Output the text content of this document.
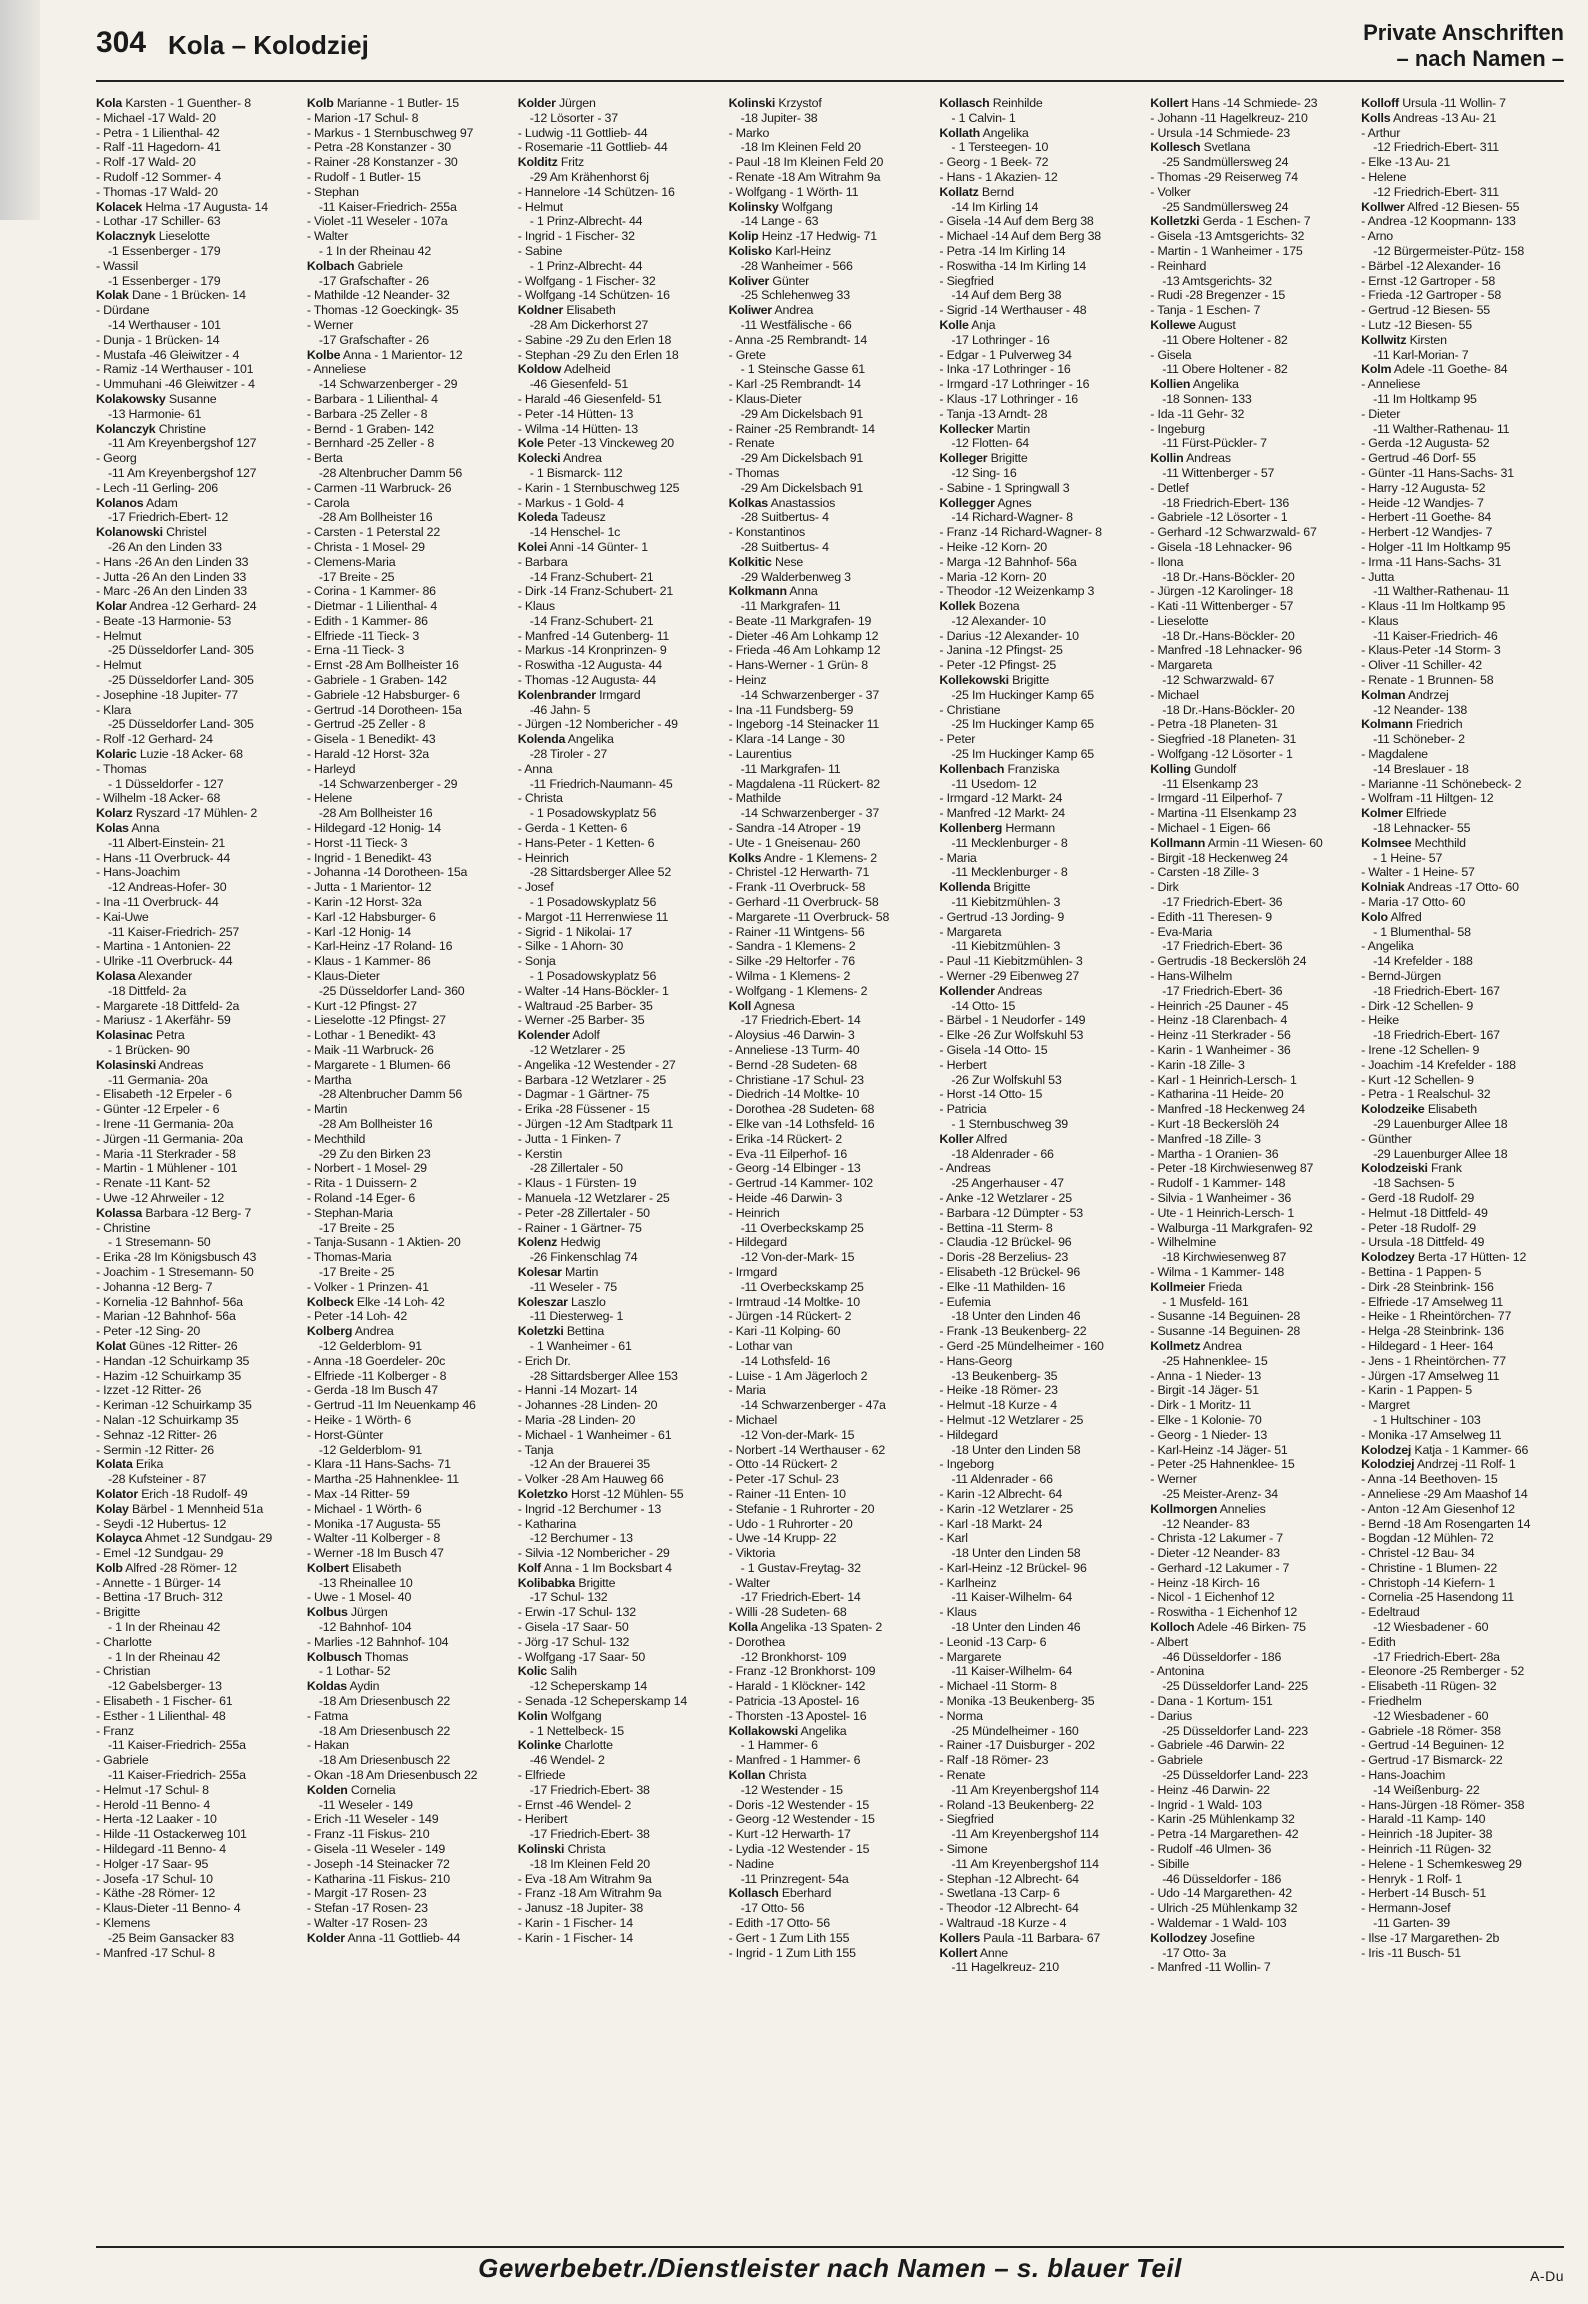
304 Kola – Kolodziej	Private Anschriften
– nach Namen –
Kola Karsten - 1 Guenther- 8
- Michael -17 Wald- 20
- Petra - 1 Lilienthal- 42
- Ralf -11 Hagedorn- 41
- Rolf -17 Wald- 20
- Rudolf -12 Sommer- 4
- Thomas -17 Wald- 20
Kolacek Helma -17 Augusta- 14
- Lothar -17 Schiller- 63
Kolacznyk Lieselotte
-1 Essenberger - 179
- Wassil
-1 Essenberger - 179
Kolak Dane - 1 Brücken- 14
- Dürdane
-14 Werthauser - 101
- Dunja - 1 Brücken- 14
- Mustafa -46 Gleiwitzer - 4
- Ramiz -14 Werthauser - 101
- Ummuhani -46 Gleiwitzer - 4
Kolakowsky Susanne
-13 Harmonie- 61
Kolanczyk Christine
-11 Am Kreyenbergshof 127
- Georg
-11 Am Kreyenbergshof 127
- Lech -11 Gerling- 206
Kolanos Adam
-17 Friedrich-Ebert- 12
Kolanowski Christel
-26 An den Linden 33
- Hans -26 An den Linden 33
- Jutta -26 An den Linden 33
- Marc -26 An den Linden 33
Kolar Andrea -12 Gerhard- 24
- Beate -13 Harmonie- 53
- Helmut
-25 Düsseldorfer Land- 305
- Helmut
-25 Düsseldorfer Land- 305
- Josephine -18 Jupiter- 77
- Klara
-25 Düsseldorfer Land- 305
- Rolf -12 Gerhard- 24
Kolaric Luzie -18 Acker- 68
- Thomas
- 1 Düsseldorfer - 127
- Wilhelm -18 Acker- 68
Kolarz Ryszard -17 Mühlen- 2
Kolas Anna
-11 Albert-Einstein- 21
- Hans -11 Overbruck- 44
- Hans-Joachim
-12 Andreas-Hofer- 30
- Ina -11 Overbruck- 44
- Kai-Uwe
-11 Kaiser-Friedrich- 257
- Martina - 1 Antonien- 22
- Ulrike -11 Overbruck- 44
Kolasa Alexander
-18 Dittfeld- 2a
- Margarete -18 Dittfeld- 2a
- Mariusz - 1 Akerfähr- 59
Kolasinac Petra
- 1 Brücken- 90
Kolasinski Andreas
-11 Germania- 20a
- Elisabeth -12 Erpeler - 6
- Günter -12 Erpeler - 6
- Irene -11 Germania- 20a
- Jürgen -11 Germania- 20a
- Maria -11 Sterkrader - 58
- Martin - 1 Mühlener - 101
- Renate -11 Kant- 52
- Uwe -12 Ahrweiler - 12
Kolassa Barbara -12 Berg- 7
- Christine
- 1 Stresemann- 50
- Erika -28 Im Königsbusch 43
- Joachim - 1 Stresemann- 50
- Johanna -12 Berg- 7
- Kornelia -12 Bahnhof- 56a
- Marian -12 Bahnhof- 56a
- Peter -12 Sing- 20
Kolat Günes -12 Ritter- 26
- Handan -12 Schuirkamp 35
- Hazim -12 Schuirkamp 35
- Izzet -12 Ritter- 26
- Keriman -12 Schuirkamp 35
- Nalan -12 Schuirkamp 35
- Sehnaz -12 Ritter- 26
- Sermin -12 Ritter- 26
Kolata Erika
-28 Kufsteiner - 87
Kolator Erich -18 Rudolf- 49
Kolay Bärbel - 1 Mennheid 51a
- Seydi -12 Hubertus- 12
Kolayca Ahmet -12 Sundgau- 29
- Emel -12 Sundgau- 29
Kolb Alfred -28 Römer- 12
- Annette - 1 Bürger- 14
- Bettina -17 Bruch- 312
- Brigitte
- 1 In der Rheinau 42
- Charlotte
- 1 In der Rheinau 42
- Christian
-12 Gabelsberger- 13
- Elisabeth - 1 Fischer- 61
- Esther - 1 Lilienthal- 48
- Franz
-11 Kaiser-Friedrich- 255a
- Gabriele
-11 Kaiser-Friedrich- 255a
- Helmut -17 Schul- 8
- Herold -11 Benno- 4
- Herta -12 Laaker - 10
- Hilde -11 Ostackerweg 101
- Hildegard -11 Benno- 4
- Holger -17 Saar- 95
- Josefa -17 Schul- 10
- Käthe -28 Römer- 12
- Klaus-Dieter -11 Benno- 4
- Klemens
-25 Beim Gansacker 83
- Manfred -17 Schul- 8
Kolb Marianne - 1 Butler- 15
- Marion -17 Schul- 8
- Markus - 1 Sternbuschweg 97
- Petra -28 Konstanzer - 30
- Rainer -28 Konstanzer - 30
- Rudolf - 1 Butler- 15
- Stephan
-11 Kaiser-Friedrich- 255a
- Violet -11 Weseler - 107a
- Walter
- 1 In der Rheinau 42
Kolbach Gabriele
-17 Grafschafter - 26
- Mathilde -12 Neander- 32
- Thomas -12 Goeckingk- 35
- Werner
-17 Grafschafter - 26
Kolbe Anna - 1 Marientor- 12
- Anneliese
-14 Schwarzenberger - 29
- Barbara - 1 Lilienthal- 4
- Barbara -25 Zeller - 8
- Bernd - 1 Graben- 142
- Bernhard -25 Zeller - 8
- Berta
-28 Altenbrucher Damm 56
- Carmen -11 Warbruck- 26
- Carola
-28 Am Bollheister 16
- Carsten - 1 Peterstal 22
- Christa - 1 Mosel- 29
- Clemens-Maria
-17 Breite - 25
- Corina - 1 Kammer- 86
- Dietmar - 1 Lilienthal- 4
- Edith - 1 Kammer- 86
- Elfriede -11 Tieck- 3
- Erna -11 Tieck- 3
- Ernst -28 Am Bollheister 16
- Gabriele - 1 Graben- 142
- Gabriele -12 Habsburger- 6
- Gertrud -14 Dorotheen- 15a
- Gertrud -25 Zeller - 8
- Gisela - 1 Benedikt- 43
- Harald -12 Horst- 32a
- Harleyd
-14 Schwarzenberger - 29
- Helene
-28 Am Bollheister 16
- Hildegard -12 Honig- 14
- Horst -11 Tieck- 3
- Ingrid - 1 Benedikt- 43
- Johanna -14 Dorotheen- 15a
- Jutta - 1 Marientor- 12
- Karin -12 Horst- 32a
- Karl -12 Habsburger- 6
- Karl -12 Honig- 14
- Karl-Heinz -17 Roland- 16
- Klaus - 1 Kammer- 86
- Klaus-Dieter
-25 Düsseldorfer Land- 360
- Kurt -12 Pfingst- 27
- Lieselotte -12 Pfingst- 27
- Lothar - 1 Benedikt- 43
- Maik -11 Warbruck- 26
- Margarete - 1 Blumen- 66
- Martha
-28 Altenbrucher Damm 56
- Martin
-28 Am Bollheister 16
- Mechthild
-29 Zu den Birken 23
- Norbert - 1 Mosel- 29
- Rita - 1 Duissern- 2
- Roland -14 Eger- 6
- Stephan-Maria
-17 Breite - 25
- Tanja-Susann - 1 Aktien- 20
- Thomas-Maria
-17 Breite - 25
- Volker - 1 Prinzen- 41
Kolbeck Elke -14 Loh- 42
- Peter -14 Loh- 42
Kolberg Andrea
-12 Gelderblom- 91
- Anna -18 Goerdeler- 20c
- Elfriede -11 Kolberger - 8
- Gerda -18 Im Busch 47
- Gertrud -11 Im Neuenkamp 46
- Heike - 1 Wörth- 6
- Horst-Günter
-12 Gelderblom- 91
- Klara -11 Hans-Sachs- 71
- Martha -25 Hahnenklee- 11
- Max -14 Ritter- 59
- Michael - 1 Wörth- 6
- Monika -17 Augusta- 55
- Walter -11 Kolberger - 8
- Werner -18 Im Busch 47
Kolbert Elisabeth
-13 Rheinallee 10
- Uwe - 1 Mosel- 40
Kolbus Jürgen
-12 Bahnhof- 104
- Marlies -12 Bahnhof- 104
Kolbusch Thomas
- 1 Lothar- 52
Koldas Aydin
-18 Am Driesenbusch 22
- Fatma
-18 Am Driesenbusch 22
- Hakan
-18 Am Driesenbusch 22
- Okan -18 Am Driesenbusch 22
Kolden Cornelia
-11 Weseler - 149
- Erich -11 Weseler - 149
- Franz -11 Fiskus- 210
- Gisela -11 Weseler - 149
- Joseph -14 Steinacker 72
- Katharina -11 Fiskus- 210
- Margit -17 Rosen- 23
- Stefan -17 Rosen- 23
- Walter -17 Rosen- 23
Kolder Anna -11 Gottlieb- 44
Kolder Jürgen
-12 Lösorter - 37
- Ludwig -11 Gottlieb- 44
- Rosemarie -11 Gottlieb- 44
Kolditz Fritz
-29 Am Krähenhorst 6j
- Hannelore -14 Schützen- 16
- Helmut
- 1 Prinz-Albrecht- 44
- Ingrid - 1 Fischer- 32
- Sabine
- 1 Prinz-Albrecht- 44
- Wolfgang - 1 Fischer- 32
- Wolfgang -14 Schützen- 16
Koldner Elisabeth
-28 Am Dickerhorst 27
- Sabine -29 Zu den Erlen 18
- Stephan -29 Zu den Erlen 18
Koldow Adelheid
-46 Giesenfeld- 51
- Harald -46 Giesenfeld- 51
- Peter -14 Hütten- 13
- Wilma -14 Hütten- 13
Kole Peter -13 Vinckeweg 20
Kolecki Andrea
- 1 Bismarck- 112
- Karin - 1 Sternbuschweg 125
- Markus - 1 Gold- 4
Koleda Tadeusz
-14 Henschel- 1c
Kolei Anni -14 Günter- 1
- Barbara
-14 Franz-Schubert- 21
- Dirk -14 Franz-Schubert- 21
- Klaus
-14 Franz-Schubert- 21
- Manfred -14 Gutenberg- 11
- Markus -14 Kronprinzen- 9
- Roswitha -12 Augusta- 44
- Thomas -12 Augusta- 44
Kolenbrander Irmgard
-46 Jahn- 5
- Jürgen -12 Nombericher - 49
Kolenda Angelika
-28 Tiroler - 27
- Anna
-11 Friedrich-Naumann- 45
- Christa
- 1 Posadowskyplatz 56
- Gerda - 1 Ketten- 6
- Hans-Peter - 1 Ketten- 6
- Heinrich
-28 Sittardsberger Allee 52
- Josef
- 1 Posadowskyplatz 56
- Margot -11 Herrenwiese 11
- Sigrid - 1 Nikolai- 17
- Silke - 1 Ahorn- 30
- Sonja
- 1 Posadowskyplatz 56
- Walter -14 Hans-Böckler- 1
- Waltraud -25 Barber- 35
- Werner -25 Barber- 35
Kolender Adolf
-12 Wetzlarer - 25
- Angelika -12 Westender - 27
- Barbara -12 Wetzlarer - 25
- Dagmar - 1 Gärtner- 75
- Erika -28 Füssener - 15
- Jürgen -12 Am Stadtpark 11
- Jutta - 1 Finken- 7
- Kerstin
-28 Zillertaler - 50
- Klaus - 1 Fürsten- 19
- Manuela -12 Wetzlarer - 25
- Peter -28 Zillertaler - 50
- Rainer - 1 Gärtner- 75
Kolenz Hedwig
-26 Finkenschlag 74
Kolesar Martin
-11 Weseler - 75
Koleszar Laszlo
-11 Diesterweg- 1
Koletzki Bettina
- 1 Wanheimer - 61
- Erich Dr.
-28 Sittardsberger Allee 153
- Hanni -14 Mozart- 14
- Johannes -28 Linden- 20
- Maria -28 Linden- 20
- Michael - 1 Wanheimer - 61
- Tanja
-12 An der Brauerei 35
- Volker -28 Am Hauweg 66
Koletzko Horst -12 Mühlen- 55
- Ingrid -12 Berchumer - 13
- Katharina
-12 Berchumer - 13
- Silvia -12 Nombericher - 29
Kolf Anna - 1 Im Bocksbart 4
Kolibabka Brigitte
-17 Schul- 132
- Erwin -17 Schul- 132
- Gisela -17 Saar- 50
- Jörg -17 Schul- 132
- Wolfgang -17 Saar- 50
Kolic Salih
-12 Scheperskamp 14
- Senada -12 Scheperskamp 14
Kolin Wolfgang
- 1 Nettelbeck- 15
Kolinke Charlotte
-46 Wendel- 2
- Elfriede
-17 Friedrich-Ebert- 38
- Ernst -46 Wendel- 2
- Heribert
-17 Friedrich-Ebert- 38
Kolinski Christa
-18 Im Kleinen Feld 20
- Eva -18 Am Witrahm 9a
- Franz -18 Am Witrahm 9a
- Janusz -18 Jupiter- 38
- Karin - 1 Fischer- 14
- Karin - 1 Fischer- 14
Kolinski Krzystof
-18 Jupiter- 38
- Marko
-18 Im Kleinen Feld 20
- Paul -18 Im Kleinen Feld 20
- Renate -18 Am Witrahm 9a
- Wolfgang - 1 Wörth- 11
Kolinsky Wolfgang
-14 Lange - 63
Kolip Heinz -17 Hedwig- 71
Kolisko Karl-Heinz
-28 Wanheimer - 566
Koliver Günter
-25 Schlehenweg 33
Koliwer Andrea
-11 Westfälische - 66
- Anna -25 Rembrandt- 14
- Grete
- 1 Steinsche Gasse 61
- Karl -25 Rembrandt- 14
- Klaus-Dieter
-29 Am Dickelsbach 91
- Rainer -25 Rembrandt- 14
- Renate
-29 Am Dickelsbach 91
- Thomas
-29 Am Dickelsbach 91
Kolkas Anastassios
-28 Suitbertus- 4
- Konstantinos
-28 Suitbertus- 4
Kolkitic Nese
-29 Walderbenweg 3
Kolkmann Anna
-11 Markgrafen- 11
- Beate -11 Markgrafen- 19
- Dieter -46 Am Lohkamp 12
- Frieda -46 Am Lohkamp 12
- Hans-Werner - 1 Grün- 8
- Heinz
-14 Schwarzenberger - 37
- Ina -11 Fundsberg- 59
- Ingeborg -14 Steinacker 11
- Klara -14 Lange - 30
- Laurentius
-11 Markgrafen- 11
- Magdalena -11 Rückert- 82
- Mathilde
-14 Schwarzenberger - 37
- Sandra -14 Atroper - 19
- Ute - 1 Gneisenau- 260
Kolks Andre - 1 Klemens- 2
- Christel -12 Herwarth- 71
- Frank -11 Overbruck- 58
- Gerhard -11 Overbruck- 58
- Margarete -11 Overbruck- 58
- Rainer -11 Wintgens- 56
- Sandra - 1 Klemens- 2
- Silke -29 Heltorfer - 76
- Wilma - 1 Klemens- 2
- Wolfgang - 1 Klemens- 2
Koll Agnesa
-17 Friedrich-Ebert- 14
- Aloysius -46 Darwin- 3
- Anneliese -13 Turm- 40
- Bernd -28 Sudeten- 68
- Christiane -17 Schul- 23
- Diedrich -14 Moltke- 10
- Dorothea -28 Sudeten- 68
- Elke van -14 Lothsfeld- 16
- Erika -14 Rückert- 2
- Eva -11 Eilperhof- 16
- Georg -14 Elbinger - 13
- Gertrud -14 Kammer- 102
- Heide -46 Darwin- 3
- Heinrich
-11 Overbeckskamp 25
- Hildegard
-12 Von-der-Mark- 15
- Irmgard
-11 Overbeckskamp 25
- Irmtraud -14 Moltke- 10
- Jürgen -14 Rückert- 2
- Kari -11 Kolping- 60
- Lothar van
-14 Lothsfeld- 16
- Luise - 1 Am Jägerloch 2
- Maria
-14 Schwarzenberger - 47a
- Michael
-12 Von-der-Mark- 15
- Norbert -14 Werthauser - 62
- Otto -14 Rückert- 2
- Peter -17 Schul- 23
- Rainer -11 Enten- 10
- Stefanie - 1 Ruhrorter - 20
- Udo - 1 Ruhrorter - 20
- Uwe -14 Krupp- 22
- Viktoria
- 1 Gustav-Freytag- 32
- Walter
-17 Friedrich-Ebert- 14
- Willi -28 Sudeten- 68
Kolla Angelika -13 Spaten- 2
- Dorothea
-12 Bronkhorst- 109
- Franz -12 Bronkhorst- 109
- Harald - 1 Klöckner- 142
- Patricia -13 Apostel- 16
- Thorsten -13 Apostel- 16
Kollakowski Angelika
- 1 Hammer- 6
- Manfred - 1 Hammer- 6
Kollan Christa
-12 Westender - 15
- Doris -12 Westender - 15
- Georg -12 Westender - 15
- Kurt -12 Herwarth- 17
- Lydia -12 Westender - 15
- Nadine
-11 Prinzregent- 54a
Kollasch Eberhard
-17 Otto- 56
- Edith -17 Otto- 56
- Gert - 1 Zum Lith 155
- Ingrid - 1 Zum Lith 155
Kollasch Reinhilde
- 1 Calvin- 1
Kollath Angelika
- 1 Tersteegen- 10
- Georg - 1 Beek- 72
- Hans - 1 Akazien- 12
Kollatz Bernd
-14 Im Kirling 14
- Gisela -14 Auf dem Berg 38
- Michael -14 Auf dem Berg 38
- Petra -14 Im Kirling 14
- Roswitha -14 Im Kirling 14
- Siegfried
-14 Auf dem Berg 38
- Sigrid -14 Werthauser - 48
Kolle Anja
-17 Lothringer - 16
- Edgar - 1 Pulverweg 34
- Inka -17 Lothringer - 16
- Irmgard -17 Lothringer - 16
- Klaus -17 Lothringer - 16
- Tanja -13 Arndt- 28
Kollecker Martin
-12 Flotten- 64
Kolleger Brigitte
-12 Sing- 16
- Sabine - 1 Springwall 3
Kollegger Agnes
-14 Richard-Wagner- 8
- Franz -14 Richard-Wagner- 8
- Heike -12 Korn- 20
- Marga -12 Bahnhof- 56a
- Maria -12 Korn- 20
- Theodor -12 Weizenkamp 3
Kollek Bozena
-12 Alexander- 10
- Darius -12 Alexander- 10
- Janina -12 Pfingst- 25
- Peter -12 Pfingst- 25
Kollekowski Brigitte
-25 Im Huckinger Kamp 65
- Christiane
-25 Im Huckinger Kamp 65
- Peter
-25 Im Huckinger Kamp 65
Kollenbach Franziska
-11 Usedom- 12
- Irmgard -12 Markt- 24
- Manfred -12 Markt- 24
Kollenberg Hermann
-11 Mecklenburger - 8
- Maria
-11 Mecklenburger - 8
Kollenda Brigitte
-11 Kiebitzmühlen- 3
- Gertrud -13 Jording- 9
- Margareta
-11 Kiebitzmühlen- 3
- Paul -11 Kiebitzmühlen- 3
- Werner -29 Eibenweg 27
Kollender Andreas
-14 Otto- 15
- Bärbel - 1 Neudorfer - 149
- Elke -26 Zur Wolfskuhl 53
- Gisela -14 Otto- 15
- Herbert
-26 Zur Wolfskuhl 53
- Horst -14 Otto- 15
- Patricia
- 1 Sternbuschweg 39
Koller Alfred
-18 Aldenrader - 66
- Andreas
-25 Angerhauser - 47
- Anke -12 Wetzlarer - 25
- Barbara -12 Dümpter - 53
- Bettina -11 Sterm- 8
- Claudia -12 Brückel- 96
- Doris -28 Berzelius- 23
- Elisabeth -12 Brückel- 96
- Elke -11 Mathilden- 16
- Eufemia
-18 Unter den Linden 46
- Frank -13 Beukenberg- 22
- Gerd -25 Mündelheimer - 160
- Hans-Georg
-13 Beukenberg- 35
- Heike -18 Römer- 23
- Helmut -18 Kurze - 4
- Helmut -12 Wetzlarer - 25
- Hildegard
-18 Unter den Linden 58
- Ingeborg
-11 Aldenrader - 66
- Karin -12 Albrecht- 64
- Karin -12 Wetzlarer - 25
- Karl -18 Markt- 24
- Karl
-18 Unter den Linden 58
- Karl-Heinz -12 Brückel- 96
- Karlheinz
-11 Kaiser-Wilhelm- 64
- Klaus
-18 Unter den Linden 46
- Leonid -13 Carp- 6
- Margarete
-11 Kaiser-Wilhelm- 64
- Michael -11 Storm- 8
- Monika -13 Beukenberg- 35
- Norma
-25 Mündelheimer - 160
- Rainer -17 Duisburger - 202
- Ralf -18 Römer- 23
- Renate
-11 Am Kreyenbergshof 114
- Roland -13 Beukenberg- 22
- Siegfried
-11 Am Kreyenbergshof 114
- Simone
-11 Am Kreyenbergshof 114
- Stephan -12 Albrecht- 64
- Swetlana -13 Carp- 6
- Theodor -12 Albrecht- 64
- Waltraud -18 Kurze - 4
Kollers Paula -11 Barbara- 67
Kollert Anne
-11 Hagelkreuz- 210
Kollert Hans -14 Schmiede- 23
- Johann -11 Hagelkreuz- 210
- Ursula -14 Schmiede- 23
Kollesch Svetlana
-25 Sandmüllersweg 24
- Thomas -29 Reiserweg 74
- Volker
-25 Sandmüllersweg 24
Kolletzki Gerda - 1 Eschen- 7
- Gisela -13 Amtsgerichts- 32
- Martin - 1 Wanheimer - 175
- Reinhard
-13 Amtsgerichts- 32
- Rudi -28 Bregenzer - 15
- Tanja - 1 Eschen- 7
Kollewe August
-11 Obere Holtener - 82
- Gisela
-11 Obere Holtener - 82
Kollien Angelika
-18 Sonnen- 133
- Ida -11 Gehr- 32
- Ingeburg
-11 Fürst-Pückler- 7
Kollin Andreas
-11 Wittenberger - 57
- Detlef
-18 Friedrich-Ebert- 136
- Gabriele -12 Lösorter - 1
- Gerhard -12 Schwarzwald- 67
- Gisela -18 Lehnacker- 96
- Ilona
-18 Dr.-Hans-Böckler- 20
- Jürgen -12 Karolinger- 18
- Kati -11 Wittenberger - 57
- Lieselotte
-18 Dr.-Hans-Böckler- 20
- Manfred -18 Lehnacker- 96
- Margareta
-12 Schwarzwald- 67
- Michael
-18 Dr.-Hans-Böckler- 20
- Petra -18 Planeten- 31
- Siegfried -18 Planeten- 31
- Wolfgang -12 Lösorter - 1
Kolling Gundolf
-11 Elsenkamp 23
- Irmgard -11 Eilperhof- 7
- Martina -11 Elsenkamp 23
- Michael - 1 Eigen- 66
Kollmann Armin -11 Wiesen- 60
- Birgit -18 Heckenweg 24
- Carsten -18 Zille- 3
- Dirk
-17 Friedrich-Ebert- 36
- Edith -11 Theresen- 9
- Eva-Maria
-17 Friedrich-Ebert- 36
- Gertrudis -18 Beckerslöh 24
- Hans-Wilhelm
-17 Friedrich-Ebert- 36
- Heinrich -25 Dauner - 45
- Heinz -18 Clarenbach- 4
- Heinz -11 Sterkrader - 56
- Karin - 1 Wanheimer - 36
- Karin -18 Zille- 3
- Karl - 1 Heinrich-Lersch- 1
- Katharina -11 Heide- 20
- Manfred -18 Heckenweg 24
- Kurt -18 Beckerslöh 24
- Manfred -18 Zille- 3
- Martha - 1 Oranien- 36
- Peter -18 Kirchwiesenweg 87
- Rudolf - 1 Kammer- 148
- Silvia - 1 Wanheimer - 36
- Ute - 1 Heinrich-Lersch- 1
- Walburga -11 Markgrafen- 92
- Wilhelmine
-18 Kirchwiesenweg 87
- Wilma - 1 Kammer- 148
Kollmeier Frieda
- 1 Musfeld- 161
- Susanne -14 Beguinen- 28
- Susanne -14 Beguinen- 28
Kollmetz Andrea
-25 Hahnenklee- 15
- Anna - 1 Nieder- 13
- Birgit -14 Jäger- 51
- Dirk - 1 Moritz- 11
- Elke - 1 Kolonie- 70
- Georg - 1 Nieder- 13
- Karl-Heinz -14 Jäger- 51
- Peter -25 Hahnenklee- 15
- Werner
-25 Meister-Arenz- 34
Kollmorgen Annelies
-12 Neander- 83
- Christa -12 Lakumer - 7
- Dieter -12 Neander- 83
- Gerhard -12 Lakumer - 7
- Heinz -18 Kirch- 16
- Nicol - 1 Eichenhof 12
- Roswitha - 1 Eichenhof 12
Kolloch Adele -46 Birken- 75
- Albert
-46 Düsseldorfer - 186
- Antonina
-25 Düsseldorfer Land- 225
- Dana - 1 Kortum- 151
- Darius
-25 Düsseldorfer Land- 223
- Gabriele -46 Darwin- 22
- Gabriele
-25 Düsseldorfer Land- 223
- Heinz -46 Darwin- 22
- Ingrid - 1 Wald- 103
- Karin -25 Mühlenkamp 32
- Petra -14 Margarethen- 42
- Rudolf -46 Ulmen- 36
- Sibille
-46 Düsseldorfer - 186
- Udo -14 Margarethen- 42
- Ulrich -25 Mühlenkamp 32
- Waldemar - 1 Wald- 103
Kollodzey Josefine
-17 Otto- 3a
- Manfred -11 Wollin- 7
Kolloff Ursula -11 Wollin- 7
Kolls Andreas -13 Au- 21
- Arthur
-12 Friedrich-Ebert- 311
- Elke -13 Au- 21
- Helene
-12 Friedrich-Ebert- 311
Kollwer Alfred -12 Biesen- 55
- Andrea -12 Koopmann- 133
- Arno
-12 Bürgermeister-Pütz- 158
- Bärbel -12 Alexander- 16
- Ernst -12 Gartroper - 58
- Frieda -12 Gartroper - 58
- Gertrud -12 Biesen- 55
- Lutz -12 Biesen- 55
Kollwitz Kirsten
-11 Karl-Morian- 7
Kolm Adele -11 Goethe- 84
- Anneliese
-11 Im Holtkamp 95
- Dieter
-11 Walther-Rathenau- 11
- Gerda -12 Augusta- 52
- Gertrud -46 Dorf- 55
- Günter -11 Hans-Sachs- 31
- Harry -12 Augusta- 52
- Heide -12 Wandjes- 7
- Herbert -11 Goethe- 84
- Herbert -12 Wandjes- 7
- Holger -11 Im Holtkamp 95
- Irma -11 Hans-Sachs- 31
- Jutta
-11 Walther-Rathenau- 11
- Klaus -11 Im Holtkamp 95
- Klaus
-11 Kaiser-Friedrich- 46
- Klaus-Peter -14 Storm- 3
- Oliver -11 Schiller- 42
- Renate - 1 Brunnen- 58
Kolman Andrzej
-12 Neander- 138
Kolmann Friedrich
-11 Schöneber- 2
- Magdalene
-14 Breslauer - 18
- Marianne -11 Schönebeck- 2
- Wolfram -11 Hiltgen- 12
Kolmer Elfriede
-18 Lehnacker- 55
Kolmsee Mechthild
- 1 Heine- 57
- Walter - 1 Heine- 57
Kolniak Andreas -17 Otto- 60
- Maria -17 Otto- 60
Kolo Alfred
- 1 Blumenthal- 58
- Angelika
-14 Krefelder - 188
- Bernd-Jürgen
-18 Friedrich-Ebert- 167
- Dirk -12 Schellen- 9
- Heike
-18 Friedrich-Ebert- 167
- Irene -12 Schellen- 9
- Joachim -14 Krefelder - 188
- Kurt -12 Schellen- 9
- Petra - 1 Realschul- 32
Kolodzeike Elisabeth
-29 Lauenburger Allee 18
- Günther
-29 Lauenburger Allee 18
Kolodzeiski Frank
-18 Sachsen- 5
- Gerd -18 Rudolf- 29
- Helmut -18 Dittfeld- 49
- Peter -18 Rudolf- 29
- Ursula -18 Dittfeld- 49
Kolodzey Berta -17 Hütten- 12
- Bettina - 1 Pappen- 5
- Dirk -28 Steinbrink- 156
- Elfriede -17 Amselweg 11
- Heike - 1 Rheintörchen- 77
- Helga -28 Steinbrink- 136
- Hildegard - 1 Heer- 164
- Jens - 1 Rheintörchen- 77
- Jürgen -17 Amselweg 11
- Karin - 1 Pappen- 5
- Margret
- 1 Hultschiner - 103
- Monika -17 Amselweg 11
Kolodzej Katja - 1 Kammer- 66
Kolodziej Andrzej -11 Rolf- 1
- Anna -14 Beethoven- 15
- Anneliese -29 Am Maashof 14
- Anton -12 Am Giesenhof 12
- Bernd -18 Am Rosengarten 14
- Bogdan -12 Mühlen- 72
- Christel -12 Bau- 34
- Christine - 1 Blumen- 22
- Christoph -14 Kiefern- 1
- Cornelia -25 Hasendong 11
- Edeltraud
-12 Wiesbadener - 60
- Edith
-17 Friedrich-Ebert- 28a
- Eleonore -25 Remberger - 52
- Elisabeth -11 Rügen- 32
- Friedhelm
-12 Wiesbadener - 60
- Gabriele -18 Römer- 358
- Gertrud -14 Beguinen- 12
- Gertrud -17 Bismarck- 22
- Hans-Joachim
-14 Weißenburg- 22
- Hans-Jürgen -18 Römer- 358
- Harald -11 Kamp- 140
- Heinrich -18 Jupiter- 38
- Heinrich -11 Rügen- 32
- Helene - 1 Schemkesweg 29
- Henryk - 1 Rolf- 1
- Herbert -14 Busch- 51
- Hermann-Josef
-11 Garten- 39
- Ilse -17 Margarethen- 2b
- Iris -11 Busch- 51
Gewerbebetr./Dienstleister nach Namen – s. blauer Teil	A-Du
